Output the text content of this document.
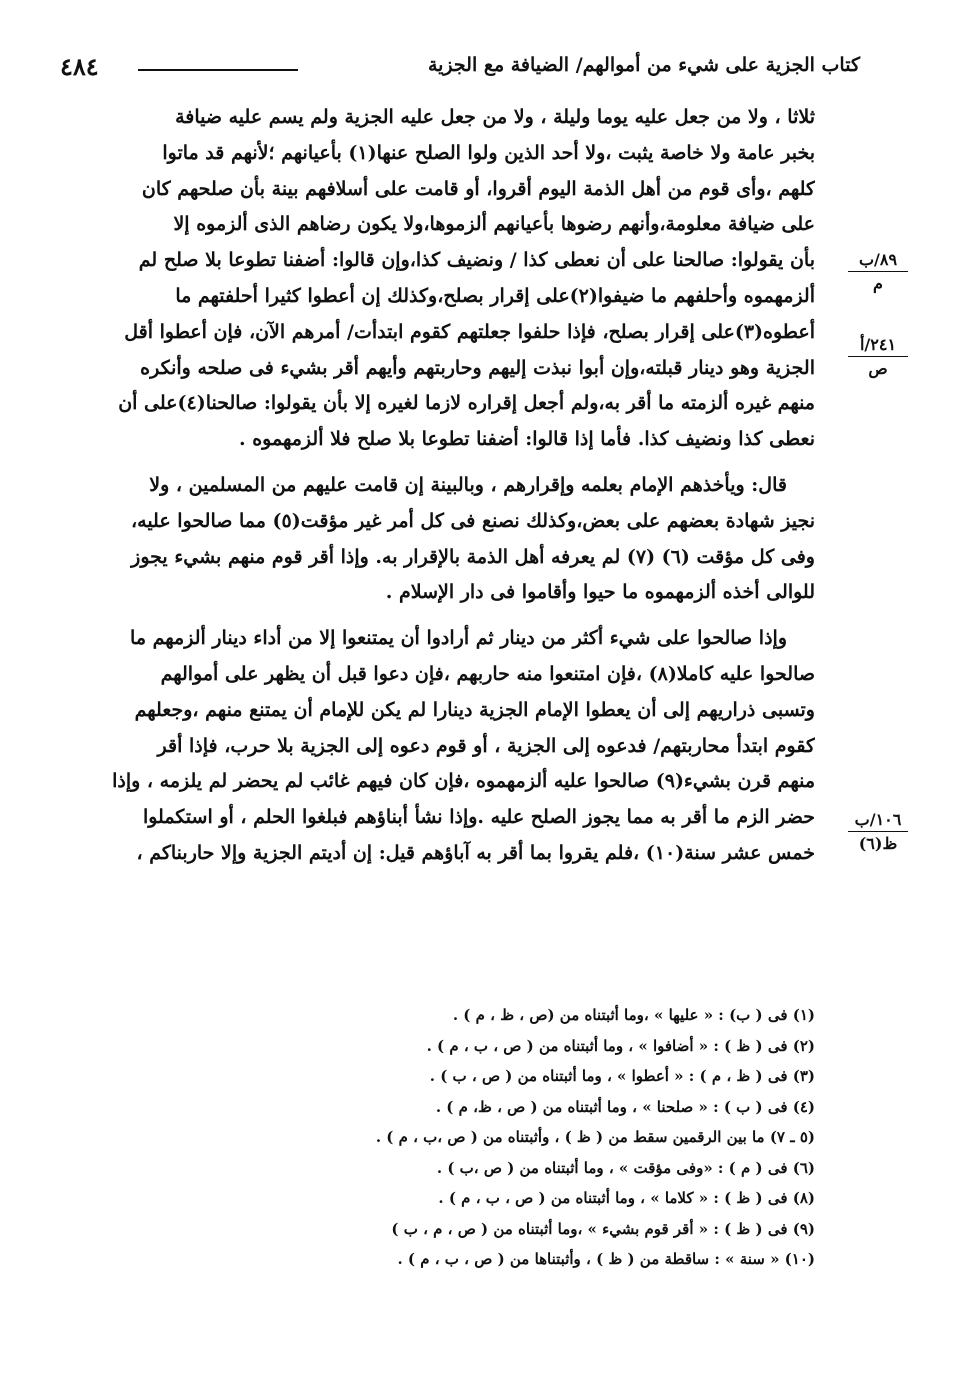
٤٨٤	كتاب الجزية على شيء من أموالهم/ الضيافة مع الجزية
ثلاثا ، ولا من جعل عليه يوما وليلة ، ولا من جعل عليه الجزية ولم يسم عليه ضيافة
بخبر عامة ولا خاصة يثبت ،ولا أحد الذين ولوا الصلح عنها(١) بأعيانهم ؛لأنهم قد ماتوا
كلهم ،وأى قوم من أهل الذمة اليوم أقروا، أو قامت على أسلافهم بينة بأن صلحهم كان
على ضيافة معلومة،وأنهم رضوها بأعيانهم ألزموها،ولا يكون رضاهم الذى ألزموه إلا
بأن يقولوا: صالحنا على أن نعطى كذا / ونضيف كذا،وإن قالوا: أضفنا تطوعا بلا صلح لم
ألزمهموه وأحلفهم ما ضيفوا(٢)على إقرار بصلح،وكذلك إن أعطوا كثيرا أحلفتهم ما
أعطوه(٣)على إقرار بصلح، فإذا حلفوا جعلتهم كقوم ابتدأت/ أمرهم الآن، فإن أعطوا أقل
الجزية وهو دينار قبلته،وإن أبوا نبذت إليهم وحاربتهم وأيهم أقر بشيء فى صلحه وأنكره
منهم غيره ألزمته ما أقر به،ولم أجعل إقراره لازما لغيره إلا بأن يقولوا: صالحنا(٤)على أن
نعطى كذا ونضيف كذا. فأما إذا قالوا: أضفنا تطوعا بلا صلح فلا ألزمهموه .
قال: ويأخذهم الإمام بعلمه وإقرارهم ، وبالبينة إن قامت عليهم من المسلمين ، ولا
نجيز شهادة بعضهم على بعض،وكذلك نصنع فى كل أمر غير مؤقت(٥) مما صالحوا عليه،
وفى كل مؤقت (٦) (٧) لم يعرفه أهل الذمة بالإقرار به. وإذا أقر قوم منهم بشيء يجوز
للوالى أخذه ألزمهموه ما حيوا وأقاموا فى دار الإسلام .
وإذا صالحوا على شيء أكثر من دينار ثم أرادوا أن يمتنعوا إلا من أداء دينار ألزمهم ما
صالحوا عليه كاملا(٨) ،فإن امتنعوا منه حاربهم ،فإن دعوا قبل أن يظهر على أموالهم
وتسبى ذراريهم إلى أن يعطوا الإمام الجزية دينارا لم يكن للإمام أن يمتنع منهم ،وجعلهم
كقوم ابتدأ محاربتهم/ فدعوه إلى الجزية ، أو قوم دعوه إلى الجزية بلا حرب، فإذا أقر
منهم قرن بشيء(٩) صالحوا عليه ألزمهموه ،فإن كان فيهم غائب لم يحضر لم يلزمه ، وإذا
حضر الزم ما أقر به مما يجوز الصلح عليه .وإذا نشأ أبناؤهم فبلغوا الحلم ، أو استكملوا
خمس عشر سنة(١٠) ،فلم يقروا بما أقر به آباؤهم قيل: إن أديتم الجزية وإلا حاربناكم ،
٨٩/ب
م
٢٤١/أ
ص
١٠٦/ب
ظ(٦)
(١) فى ( ب) : « عليها » ،وما أثبتناه من (ص ، ظ ، م ) .
(٢) فى ( ظ ) : « أضافوا » ، وما أثبتناه من ( ص ، ب ، م ) .
(٣) فى ( ظ ، م ) : « أعطوا » ، وما أثبتناه من ( ص ، ب ) .
(٤) فى ( ب ) : « صلحنا » ، وما أثبتناه من ( ص ، ظ، م ) .
(٥ ـ ٧) ما بين الرقمين سقط من ( ظ ) ، وأثبتناه من ( ص ،ب ، م ) .
(٦) فى ( م ) : «وفى مؤقت » ، وما أثبتناه من ( ص ،ب ) .
(٨) فى ( ظ ) : « كلاما » ، وما أثبتناه من ( ص ، ب ، م ) .
(٩) فى ( ظ ) : « أقر قوم بشيء » ،وما أثبتناه من ( ص ، م ، ب )
(١٠) « سنة » : ساقطة من ( ظ ) ، وأثبتناها من ( ص ، ب ، م ) .
